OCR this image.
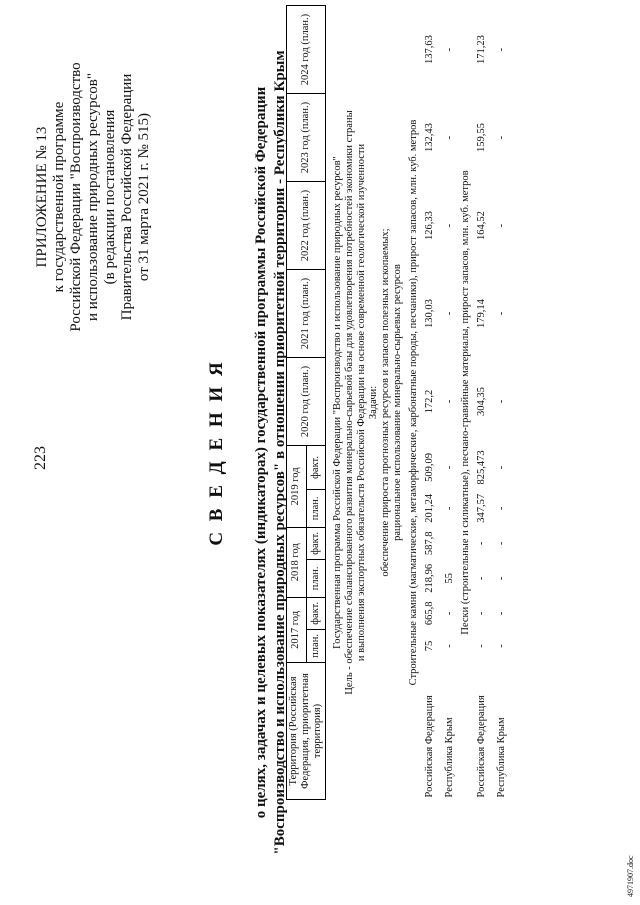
223
ПРИЛОЖЕНИЕ № 13 к государственной программе Российской Федерации "Воспроизводство и использование природных ресурсов" (в редакции постановления Правительства Российской Федерации от 31 марта 2021 г. № 515)
С В Е Д Е Н И Я о целях, задачах и целевых показателях (индикаторах) государственной программы Российской Федерации "Воспроизводство и использование природных ресурсов" в отношении приоритетной территории - Республики Крым Территория (Российская Федерация, приоритетная территория)	2017 год		2018 год		2019 год		2020 год (план.)	2021 год (план.)	2022 год (план.)	2023 год (план.)	2024 год (план.)
	план.	факт.	план.	факт.	план.	факт.					

Государственная программа Российской Федерации "Воспроизводство и использование природных ресурсов"											
Цель - обеспечение сбалансированного развития минерально-сырьевой базы для удовлетворения потребностей экономики страны											
и выполнения экспортных обязательств Российской Федерации на основе современной геологической изученности											
Задачи:											
обеспечение прироста прогнозных ресурсов и запасов полезных ископаемых;											
рациональное использование минерально-сырьевых ресурсов											

Строительные камни (магматические, метаморфические, карбонатные породы, песчаники), прирост запасов, млн. куб. метров											
Российская Федерация	75	665,8	218,96	587,8	201,24	509,09	172,2	130,03	126,33	132,43	137,63
Республика Крым	-	-	55		-	-	-	-	-	-	-
Пески (строительные и силикатные), песчано-гравийные материалы, прирост запасов, млн. куб. метров											
Российская Федерация	-	-	-	-	347,57	825,473	304,35	179,14	164,52	159,55	171,23
Республика Крым	-	-	-	-	-	-	-	-	-	-	-
4971907.doc
